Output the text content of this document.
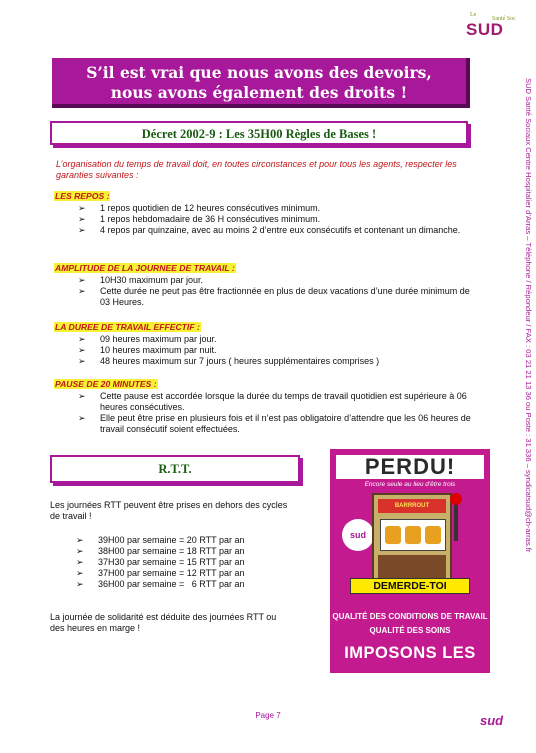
Le
Santé Soc
SUD
S’il est vrai que nous avons des devoirs,
nous avons également des droits !
Décret 2002-9 : Les 35H00 Règles de Bases !
L’organisation du temps de travail doit, en toutes circonstances et pour tous les agents, respecter les garanties suivantes :
LES REPOS :
➢	1 repos quotidien de 12 heures consécutives minimum.
➢	1 repos hebdomadaire de 36 H consécutives minimum.
➢	4 repos par quinzaine, avec au moins 2 d’entre eux consécutifs et contenant un dimanche.
AMPLITUDE DE LA JOURNEE DE TRAVAIL :
➢	10H30 maximum par jour.
➢	Cette durée ne peut pas être fractionnée en plus de deux vacations d’une durée minimum de 03 Heures.
LA DUREE DE TRAVAIL EFFECTIF :
➢	09 heures maximum par jour.
➢	10 heures maximum par nuit.
➢	48 heures maximum sur 7 jours ( heures supplémentaires comprises )
PAUSE DE 20 MINUTES :
➢	Cette pause est accordée lorsque la durée du temps de travail quotidien est supérieure à 06 heures consécutives.
➢	Elle peut être prise en plusieurs fois et il n’est pas obligatoire d’attendre que les 06 heures de travail consécutif soient effectuées.
R.T.T.
Les journées RTT peuvent être prises en dehors des cycles de travail !
➢	39H00 par semaine = 20 RTT par an
➢	38H00 par semaine = 18 RTT par an
➢	37H30 par semaine = 15 RTT par an
➢	37H00 par semaine = 12 RTT par an
➢	36H00 par semaine =   6 RTT par an
La journée de solidarité est déduite des journées RTT ou des heures en marge !
PERDU!
Encore seule au lieu d'être trois
sud
BARRROUT
DEMERDE-TOI
QUALITÉ DES CONDITIONS DE TRAVAIL
QUALITÉ DES SOINS
IMPOSONS LES
SUD Santé Sociaux Centre Hospitalier d’Arras – Téléphone / Répondeur / FAX : 03 21 21 13 36 ou Poste : 31 336 – syndicatsud@ch-arras.fr
Page 7	sud
